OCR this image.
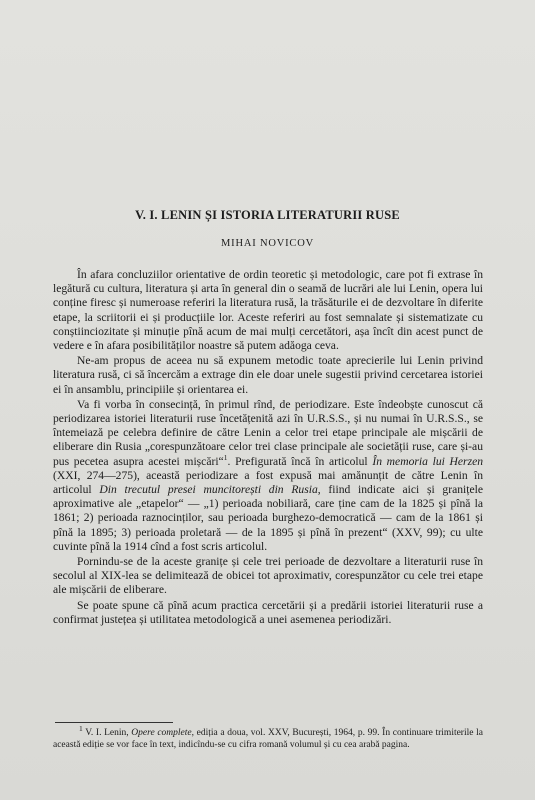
V. I. LENIN ȘI ISTORIA LITERATURII RUSE
MIHAI NOVICOV

În afara concluziilor orientative de ordin teoretic și metodologic, care pot fi extrase în legătură cu cultura, literatura și arta în general din o seamă de lucrări ale lui Lenin, opera lui conține firesc și numeroase referiri la literatura rusă, la trăsăturile ei de dezvoltare în diferite etape, la scriitorii ei și producțiile lor. Aceste referiri au fost semnalate și sistematizate cu conștiinciozitate și minuție pînă acum de mai mulți cercetători, așa încît din acest punct de vedere e în afara posibilităților noastre să putem adăoga ceva.

Ne-am propus de aceea nu să expunem metodic toate aprecierile lui Lenin privind literatura rusă, ci să încercăm a extrage din ele doar unele sugestii privind cercetarea istoriei ei în ansamblu, principiile și orientarea ei.

Va fi vorba în consecință, în primul rînd, de periodizare. Este îndeobște cunoscut că periodizarea istoriei literaturii ruse încetățenită azi în U.R.S.S., și nu numai în U.R.S.S., se întemeiază pe celebra definire de către Lenin a celor trei etape principale ale mișcării de eliberare din Rusia „corespunzătoare celor trei clase principale ale societății ruse, care și-au pus pecetea asupra acestei mișcări“$^1$. Prefigurată încă în articolul În memoria lui Herzen (XXI, 274—275), această periodizare a fost expusă mai amănunțit de către Lenin în articolul Din trecutul presei muncitorești din Rusia, fiind indicate aici și granițele aproximative ale „etapelor“ — „1) perioada nobiliară, care ține cam de la 1825 și pînă la 1861; 2) perioada raznocinților, sau perioada burghezo-democratică — cam de la 1861 și pînă la 1895; 3) perioada proletară — de la 1895 și pînă în prezent“ (XXV, 99); cu ulte cuvinte pînă la 1914 cînd a fost scris articolul.

Pornindu-se de la aceste granițe și cele trei perioade de dezvoltare a literaturii ruse în secolul al XIX-lea se delimitează de obicei tot aproximativ, corespunzător cu cele trei etape ale mișcării de eliberare.

Se poate spune că pînă acum practica cercetării și a predării istoriei literaturii ruse a confirmat justețea și utilitatea metodologică a unei asemenea periodizări.

$^1$ V. I. Lenin, Opere complete, ediția a doua, vol. XXV, București, 1964, p. 99. În continuare trimiterile la această ediție se vor face în text, indicîndu-se cu cifra romană volumul și cu cea arabă pagina.
